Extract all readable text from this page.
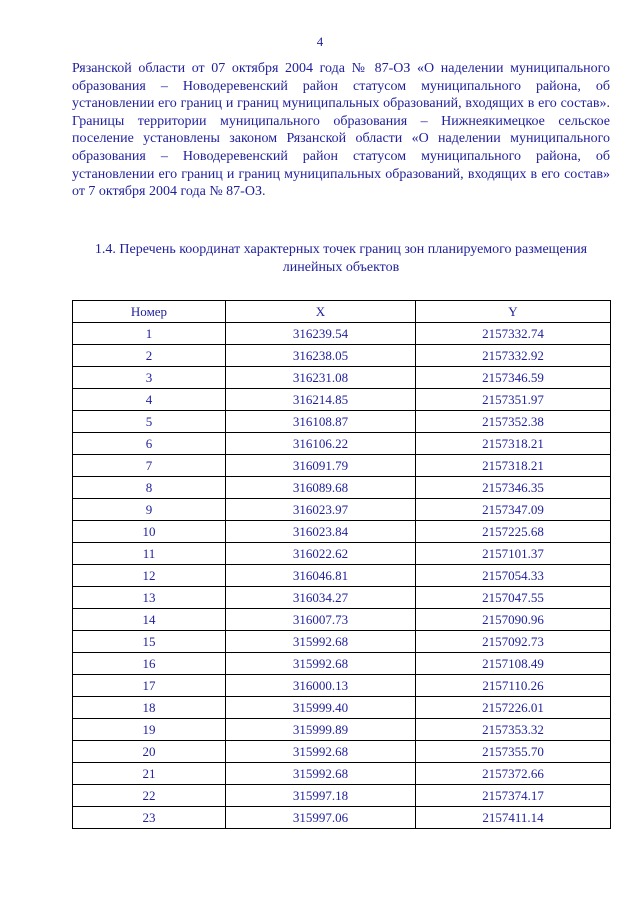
4
Рязанской области от 07 октября 2004 года № 87-ОЗ «О наделении муниципального образования – Новодеревенский район статусом муниципального района, об установлении его границ и границ муниципальных образований, входящих в его состав». Границы территории муниципального образования – Нижнеякимецкое сельское поселение установлены законом Рязанской области «О наделении муниципального образования – Новодеревенский район статусом муниципального района, об установлении его границ и границ муниципальных образований, входящих в его состав» от 7 октября 2004 года № 87-ОЗ.
1.4. Перечень координат характерных точек границ зон планируемого размещения линейных объектов
Номер	X	Y
1	316239.54	2157332.74
2	316238.05	2157332.92
3	316231.08	2157346.59
4	316214.85	2157351.97
5	316108.87	2157352.38
6	316106.22	2157318.21
7	316091.79	2157318.21
8	316089.68	2157346.35
9	316023.97	2157347.09
10	316023.84	2157225.68
11	316022.62	2157101.37
12	316046.81	2157054.33
13	316034.27	2157047.55
14	316007.73	2157090.96
15	315992.68	2157092.73
16	315992.68	2157108.49
17	316000.13	2157110.26
18	315999.40	2157226.01
19	315999.89	2157353.32
20	315992.68	2157355.70
21	315992.68	2157372.66
22	315997.18	2157374.17
23	315997.06	2157411.14
